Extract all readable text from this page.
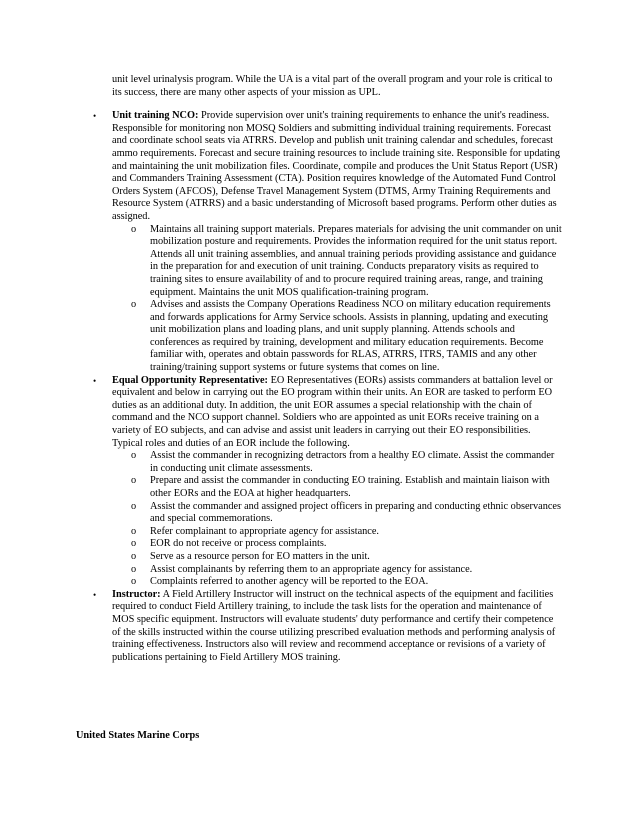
unit level urinalysis program. While the UA is a vital part of the overall program and your role is critical to its success, there are many other aspects of your mission as UPL.

• Unit training NCO: Provide supervision over unit's training requirements to enhance the unit's readiness. Responsible for monitoring non MOSQ Soldiers and submitting individual training requirements. Forecast and coordinate school seats via ATRRS. Develop and publish unit training calendar and schedules, forecast ammo requirements. Forecast and secure training resources to include training site. Responsible for updating and maintaining the unit mobilization files. Coordinate, compile and produces the Unit Status Report (USR) and Commanders Training Assessment (CTA). Position requires knowledge of the Automated Fund Control Orders System (AFCOS), Defense Travel Management System (DTMS, Army Training Requirements and Resource System (ATRRS) and a basic understanding of Microsoft based programs. Perform other duties as assigned.
o Maintains all training support materials. Prepares materials for advising the unit commander on unit mobilization posture and requirements. Provides the information required for the unit status report. Attends all unit training assemblies, and annual training periods providing assistance and guidance in the preparation for and execution of unit training. Conducts preparatory visits as required to training sites to ensure availability of and to procure required training areas, range, and training equipment. Maintains the unit MOS qualification-training program.
o Advises and assists the Company Operations Readiness NCO on military education requirements and forwards applications for Army Service schools. Assists in planning, updating and executing unit mobilization plans and loading plans, and unit supply planning. Attends schools and conferences as required by training, development and military education requirements. Become familiar with, operates and obtain passwords for RLAS, ATRRS, ITRS, TAMIS and any other training/training support systems or future systems that comes on line.
• Equal Opportunity Representative: EO Representatives (EORs) assists commanders at battalion level or equivalent and below in carrying out the EO program within their units. An EOR are tasked to perform EO duties as an additional duty. In addition, the unit EOR assumes a special relationship with the chain of command and the NCO support channel. Soldiers who are appointed as unit EORs receive training on a variety of EO subjects, and can advise and assist unit leaders in carrying out their EO responsibilities. Typical roles and duties of an EOR include the following.
o Assist the commander in recognizing detractors from a healthy EO climate. Assist the commander in conducting unit climate assessments.
o Prepare and assist the commander in conducting EO training. Establish and maintain liaison with other EORs and the EOA at higher headquarters.
o Assist the commander and assigned project officers in preparing and conducting ethnic observances and special commemorations.
o Refer complainant to appropriate agency for assistance.
o EOR do not receive or process complaints.
o Serve as a resource person for EO matters in the unit.
o Assist complainants by referring them to an appropriate agency for assistance.
o Complaints referred to another agency will be reported to the EOA.
• Instructor: A Field Artillery Instructor will instruct on the technical aspects of the equipment and facilities required to conduct Field Artillery training, to include the task lists for the operation and maintenance of MOS specific equipment. Instructors will evaluate students' duty performance and certify their competence of the skills instructed within the course utilizing prescribed evaluation methods and performing analysis of training effectiveness. Instructors also will review and recommend acceptance or revisions of a variety of publications pertaining to Field Artillery MOS training.
United States Marine Corps
